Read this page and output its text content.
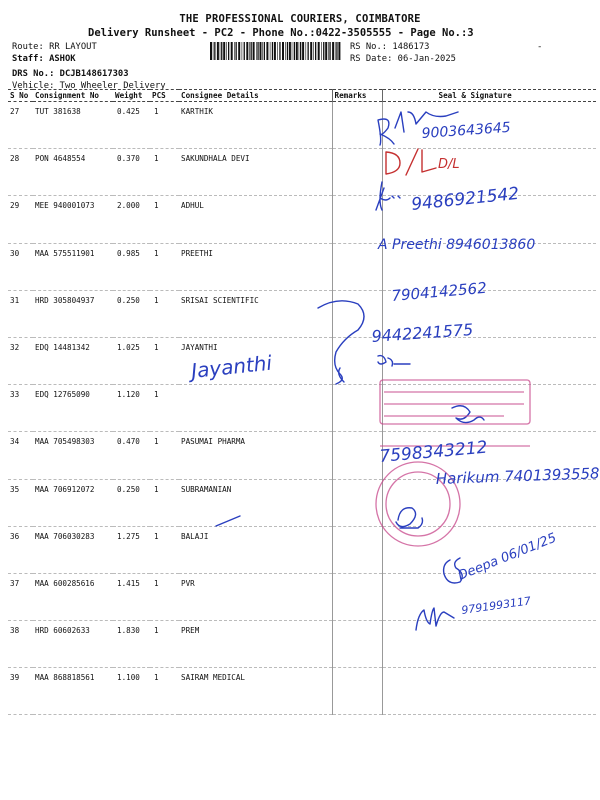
THE PROFESSIONAL COURIERS, COIMBATORE
Delivery Runsheet - PC2 - Phone No.:0422-3505555 - Page No.:3
Route: RR LAYOUT
Staff: ASHOK
DRS No.: DCJB148617303
Vehicle: Two Wheeler Delivery
RS No.: 1486173
RS Date: 06-Jan-2025
-
S No	Consignment No	Weight	PCS	Consignee Details	Remarks	Seal & Signature
27	TUT 381638	0.425	1	KARTHIK		
28	PON 4648554	0.370	1	SAKUNDHALA DEVI		
29	MEE 940001073	2.000	1	ADHUL		
30	MAA 575511901	0.985	1	PREETHI		
31	HRD 305804937	0.250	1	SRISAI SCIENTIFIC		
32	EDQ 14481342	1.025	1	JAYANTHI		
33	EDQ 12765090	1.120	1			
34	MAA 705498303	0.470	1	PASUMAI PHARMA		
35	MAA 706912072	0.250	1	SUBRAMANIAN		
36	MAA 706030283	1.275	1	BALAJI		
37	MAA 600285616	1.415	1	PVR		
38	HRD 60602633	1.830	1	PREM		
39	MAA 868818561	1.100	1	SAIRAM MEDICAL		
9003643645
D/L
9486921542
A Preethi 8946013860
7904142562
9442241575
Jayanthi
7598343212
Harikum 7401393558
Deepa 06/01/25
9791993117
